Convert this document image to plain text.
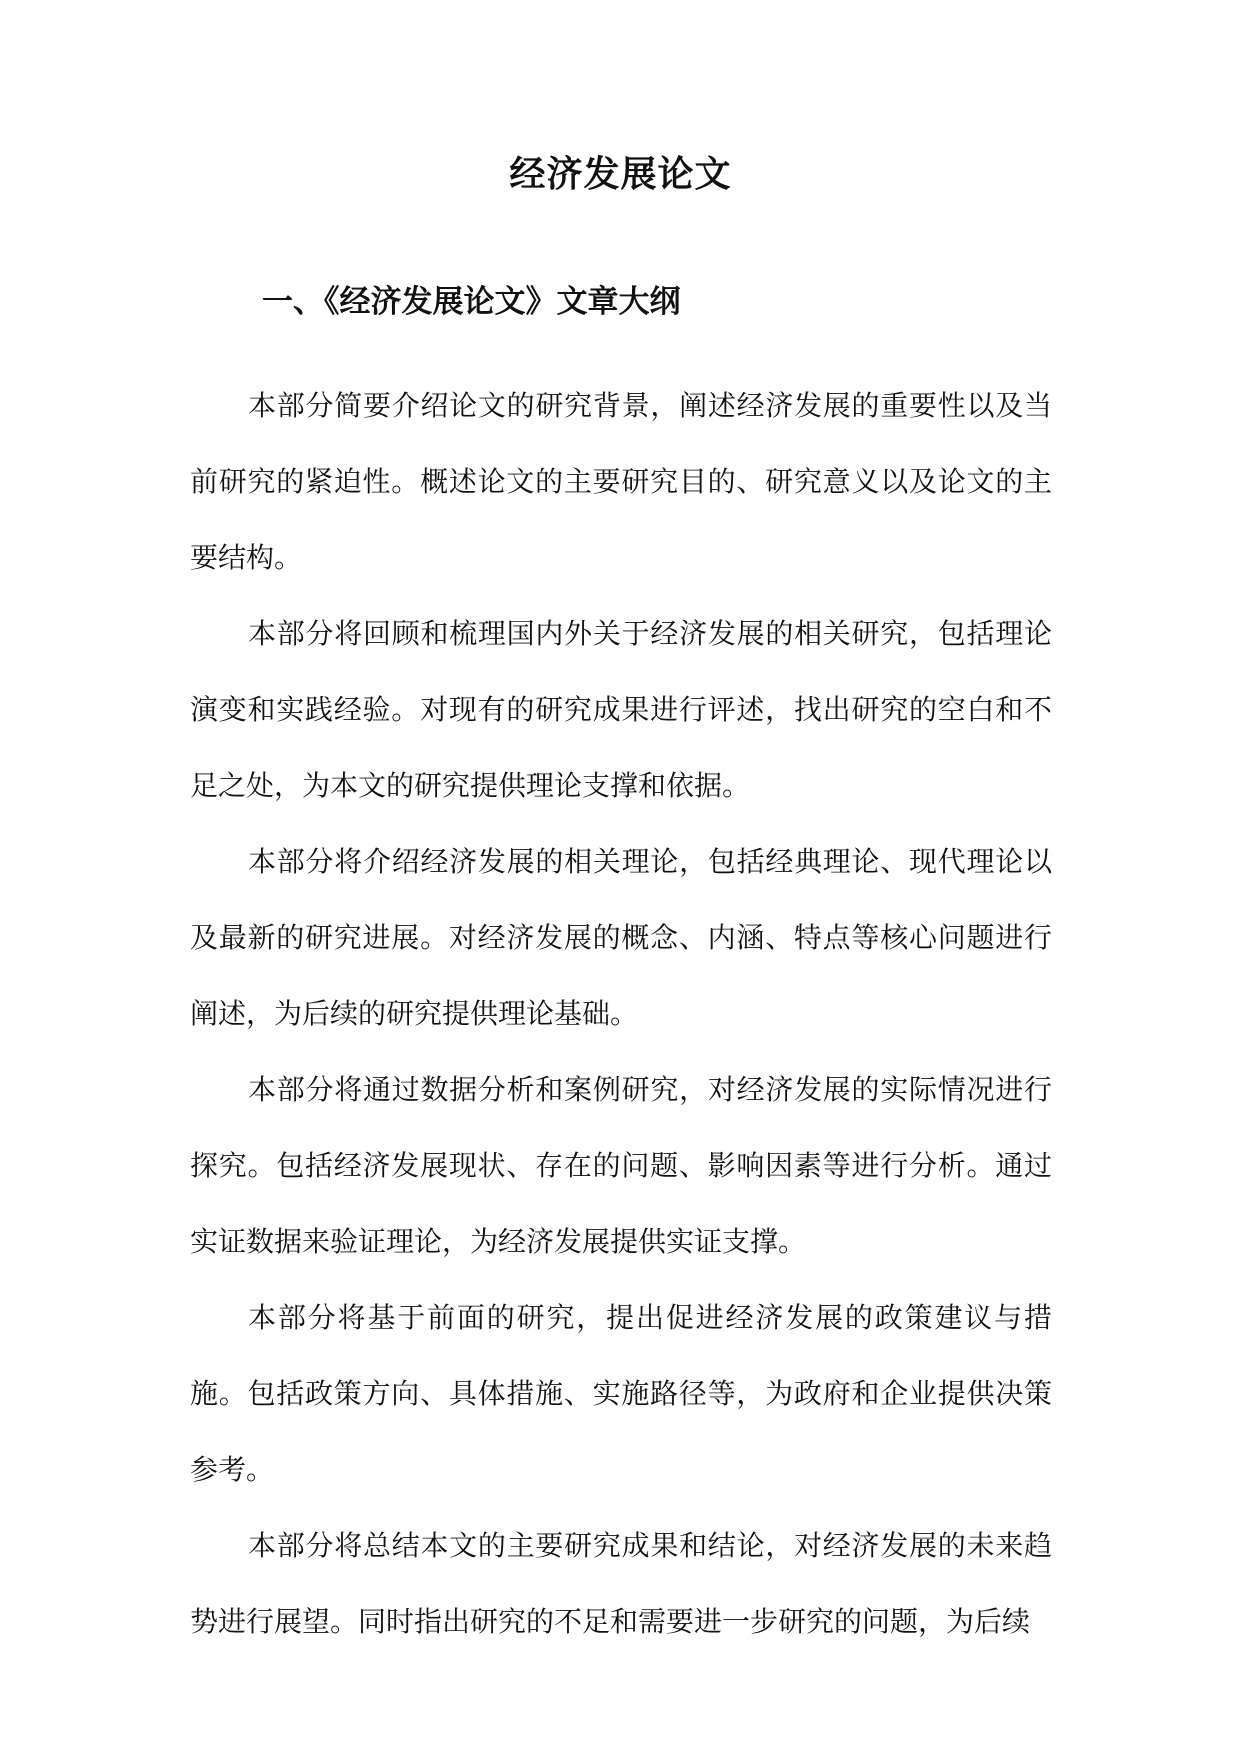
经济发展论文
一、《经济发展论文》文章大纲

本部分简要介绍论文的研究背景，阐述经济发展的重要性以及当前研究的紧迫性。概述论文的主要研究目的、研究意义以及论文的主要结构。

本部分将回顾和梳理国内外关于经济发展的相关研究，包括理论演变和实践经验。对现有的研究成果进行评述，找出研究的空白和不足之处，为本文的研究提供理论支撑和依据。

本部分将介绍经济发展的相关理论，包括经典理论、现代理论以及最新的研究进展。对经济发展的概念、内涵、特点等核心问题进行阐述，为后续的研究提供理论基础。

本部分将通过数据分析和案例研究，对经济发展的实际情况进行探究。包括经济发展现状、存在的问题、影响因素等进行分析。通过实证数据来验证理论，为经济发展提供实证支撑。

本部分将基于前面的研究，提出促进经济发展的政策建议与措施。包括政策方向、具体措施、实施路径等，为政府和企业提供决策参考。

本部分将总结本文的主要研究成果和结论，对经济发展的未来趋势进行展望。同时指出研究的不足和需要进一步研究的问题，为后续
